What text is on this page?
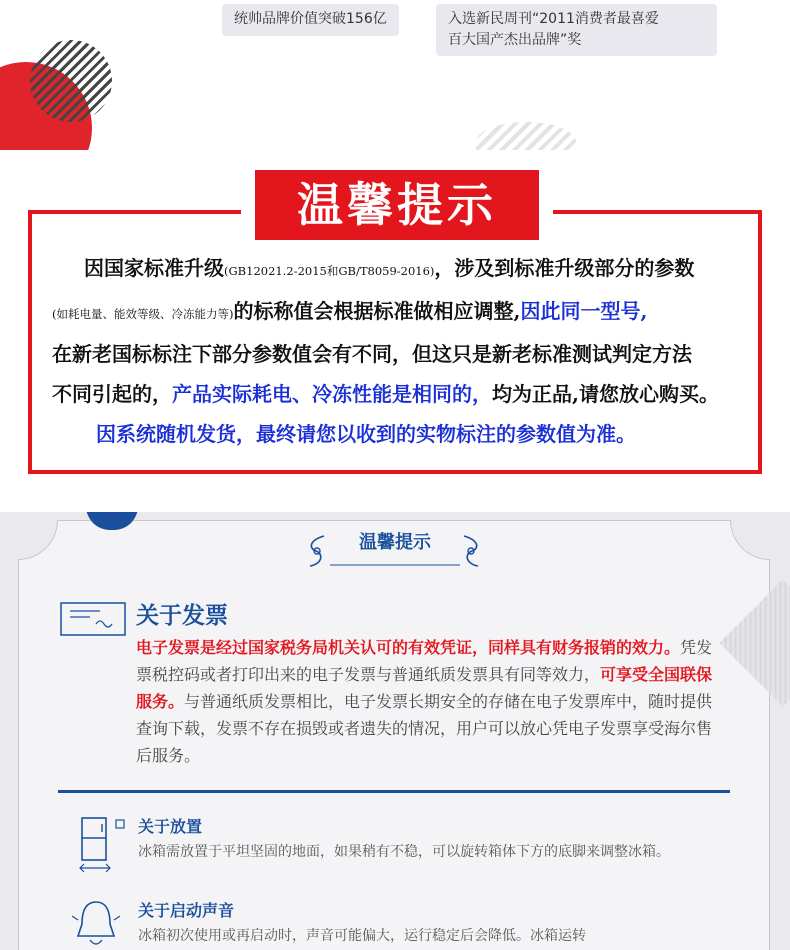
统帅品牌价值突破156亿	入选新民周刊“2011消费者最喜爱
百大国产杰出品牌”奖
温馨提示
因国家标准升级(GB12021.2-2015和GB/T8059-2016)，涉及到标准升级部分的参数
(如耗电量、能效等级、冷冻能力等)的标称值会根据标准做相应调整,因此同一型号,
在新老国标标注下部分参数值会有不同，但这只是新老标准测试判定方法
不同引起的，产品实际耗电、冷冻性能是相同的，均为正品,请您放心购买。
因系统随机发货，最终请您以收到的实物标注的参数值为准。
温馨提示
关于发票
电子发票是经过国家税务局机关认可的有效凭证，同样具有财务报销的效力。凭发票税控码或者打印出来的电子发票与普通纸质发票具有同等效力，可享受全国联保服务。与普通纸质发票相比，电子发票长期安全的存储在电子发票库中，随时提供查询下载，发票不存在损毁或者遗失的情况，用户可以放心凭电子发票享受海尔售后服务。
关于放置
冰箱需放置于平坦坚固的地面，如果稍有不稳，可以旋转箱体下方的底脚来调整冰箱。
关于启动声音
冰箱初次使用或再启动时，声音可能偏大，运行稳定后会降低。冰箱运转
